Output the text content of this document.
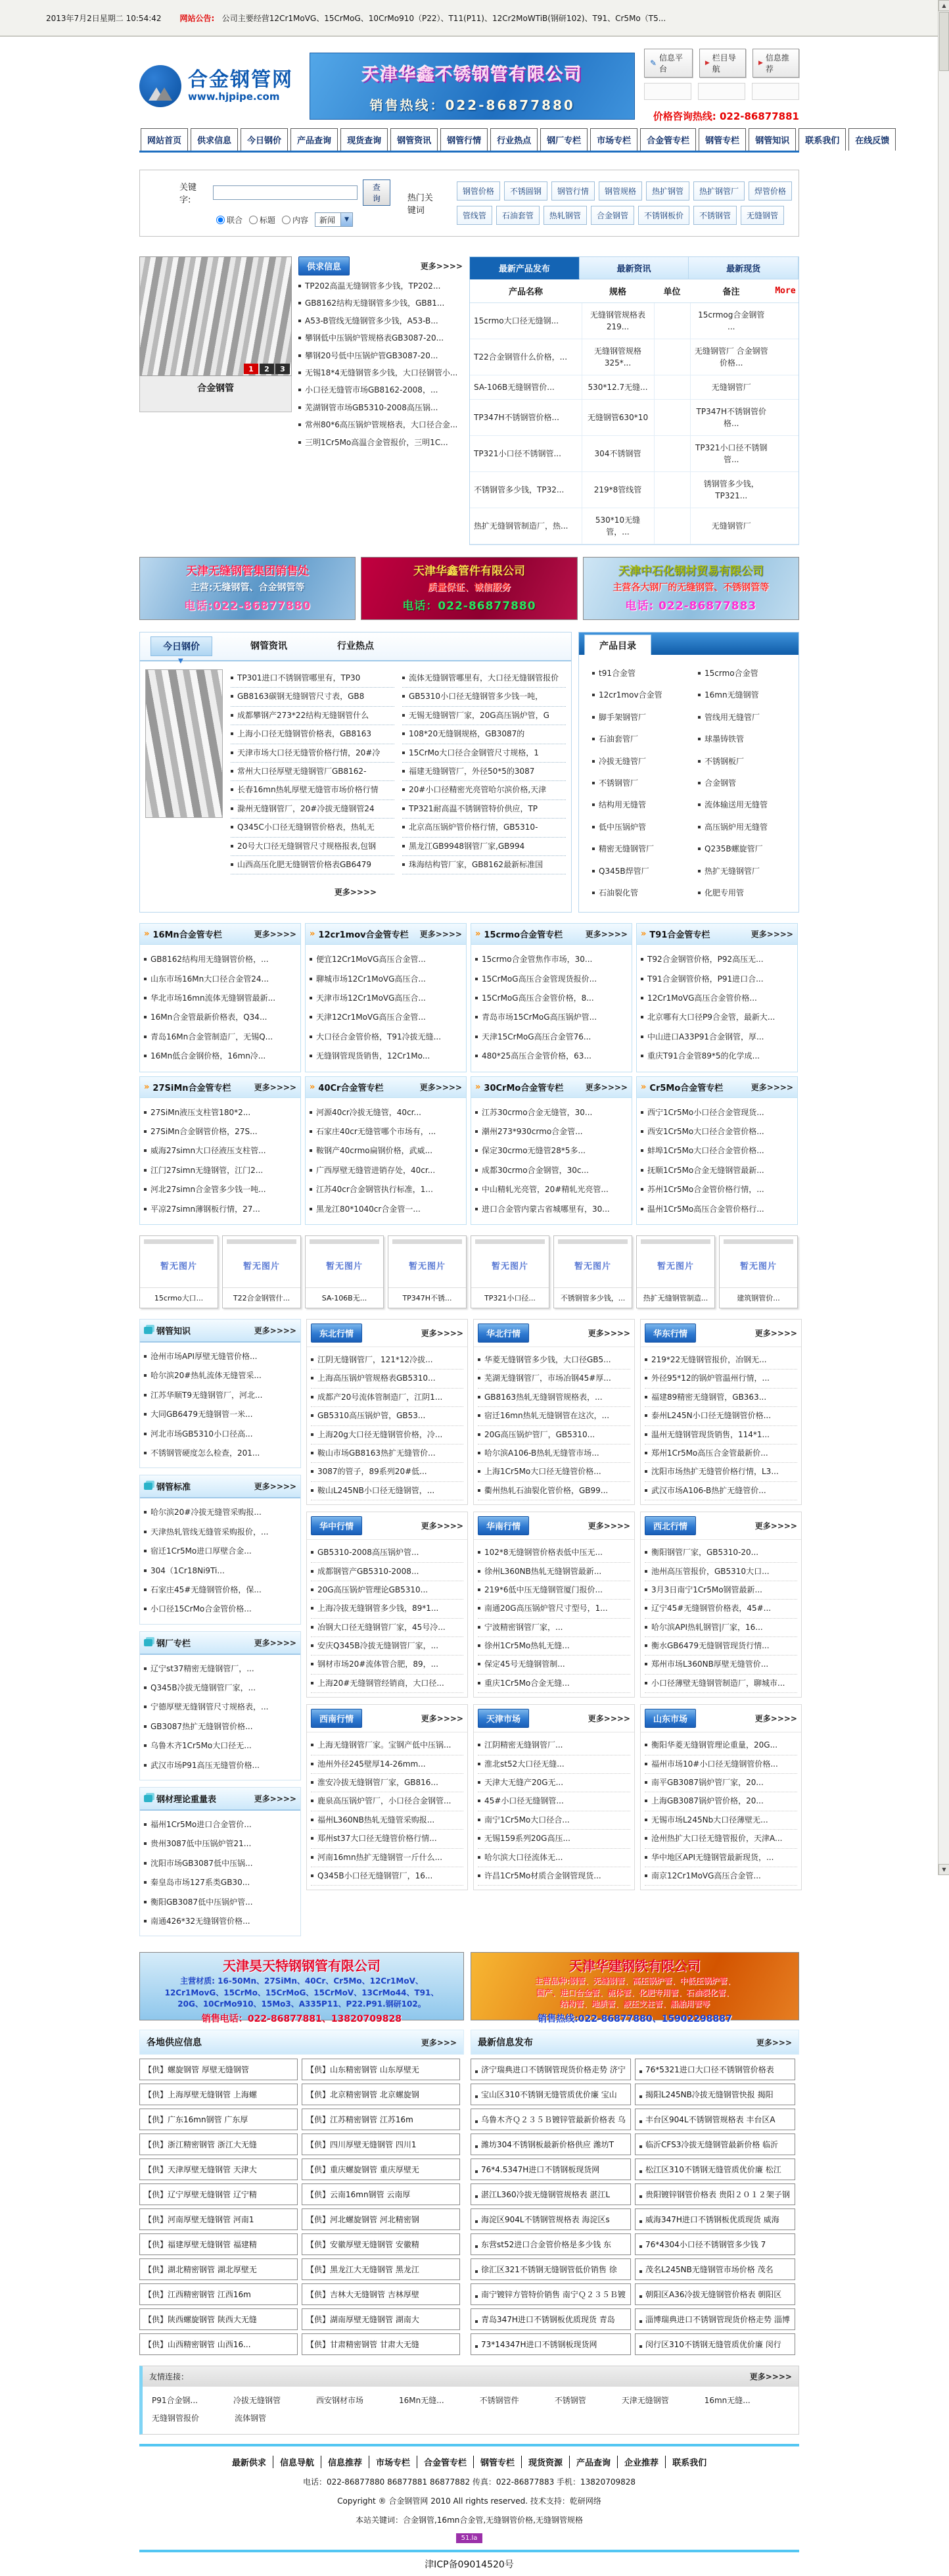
2013年7月2日星期二 10:54:42 网站公告: 公司主要经营12Cr1MoVG、15CrMoG、10CrMo910（P22）、T11(P11)、12Cr2MoWTiB(钢研102)、T91、Cr5Mo（T5...
合金钢管网
www.hjpipe.com
天津华鑫不锈钢管有限公司
销售热线：022-86877880
✎
信息平台
▶
栏目导航
▶
信息推荐
价格咨询热线: 022-86877881
网站首页	供求信息	今日钢价	产品查询	现货查询	钢管资讯	钢管行情	行业热点	钢厂专栏	市场专栏	合金管专栏	钢管专栏	钢管知识	联系我们	在线反馈
关键字:
查询
联合 标题 内容	新闻	▼
热门关键词
钢管价格	不锈圆钢	钢管行情	钢管规格	热扩钢管	热扩钢管厂	焊管价格
管线管	石油套管	热轧钢管	合金钢管	不锈钢板价	不锈钢管	无缝钢管
1	2	3
合金钢管
供求信息	更多>>>>
TP202高温无缝钢管多少钱，TP202...
GB8162结构无缝钢管多少钱，GB81...
A53-B管线无缝钢管多少钱，A53-B...
攀钢低中压锅炉管规格表GB3087-20...
攀钢20号低中压锅炉管GB3087-20...
无锡18*4无缝钢管多少钱，大口径钢管小...
小口径无缝管市场GB8162-2008，...
芜湖钢管市场GB5310-2008高压锅...
常州80*6高压锅炉管规格表，大口径合金...
三明1Cr5Mo高温合金管报价，三明1C...
最新产品发布	最新资讯	最新现货
产品名称	规格	单位	备注	More
15crmo大口径无缝钢...	无缝钢管规格表219...		15crmog合金钢管 ...	
T22合金钢管什么价格，...	无缝钢管规格325*...		无缝钢管厂 合金钢管价格...	
SA-106B无缝钢管价...	530*12.7无缝...		无缝钢管厂	
TP347H不锈钢管价格...	无缝钢管630*10		TP347H不锈钢管价格...	
TP321小口径不锈钢管...	304不锈钢管		TP321小口径不锈钢管...	
不锈钢管多少钱，TP32...	219*8管线管		锈钢管多少钱，TP321...	
热扩无缝钢管制造厂，热...	530*10无缝管，...		无缝钢管厂	
天津无缝钢管集团销售处
主营:无缝钢管、合金钢管等
电话:022-86877880
天津华鑫管件有限公司
质量保证、诚信服务
电话：022-86877880
天津中石化钢材贸易有限公司
主营各大钢厂的无缝钢管、不锈钢管等
电话: 022-86877883
今日钢价
▼
钢管资讯	行业热点
TP301进口不锈钢管哪里有，TP30
GB8163碳钢无缝钢管尺寸表，GB8
成都攀钢产273*22结构无缝钢管什么
上海小口径无缝钢管价格表，GB8163
天津市场大口径无缝管价格行情，20#冷
常州大口径厚壁无缝钢管厂GB8162-
长春16mn热轧厚壁无缝管市场价格行情
滁州无缝钢管厂，20#冷拔无缝钢管24
Q345C小口径无缝钢管价格表，热轧无
20号大口径无缝钢管尺寸规格报表,包钢
山西高压化肥无缝钢管价格表GB6479
流体无缝钢管哪里有，大口径无缝钢管报价
GB5310小口径无缝钢管多少钱一吨，
无锡无缝钢管厂家，20G高压锅炉管，G
108*20无缝钢规格，GB3087的
15CrMo大口径合金钢管尺寸规格，1
福建无缝钢管厂，外径50*5的3087
20#小口径精密光亮管哈尔滨价格,天津
TP321耐高温不锈钢管特价供应，TP
北京高压锅炉管价格行情，GB5310-
黑龙江GB9948钢管厂家,GB994
珠海结构管厂家，GB8162最新标准国
更多>>>>
产品目录
t91合金管
12cr1mov合金管
脚手架钢管厂
石油套管厂
冷拔无缝管厂
不锈钢管厂
结构用无缝管
低中压锅炉管
精密无缝钢管厂
Q345B焊管厂
石油裂化管
15crmo合金管
16mn无缝钢管
管线用无缝管厂
球墨铸铁管
不锈钢板厂
合金钢管
流体输送用无缝管
高压锅炉用无缝管
Q235B螺旋管厂
热扩无缝钢管厂
化肥专用管
» 16Mn合金管专栏	更多>>>>
GB8162结构用无缝钢管价格，...
山东市场16Mn大口径合金管24...
华北市场16mn流体无缝钢管最新...
16Mn合金管最新价格表，Q34...
青岛16Mn合金管制造厂，无锡Q...
16Mn低合金钢价格，16mn冷...
» 12cr1mov合金管专栏	更多>>>>
便宜12Cr1MoVG高压合金管...
聊城市场12Cr1MoVG高压合...
天津市场12Cr1MoVG高压合...
天津12Cr1MoVG高压合金管...
大口径合金管价格，T91冷拔无缝...
无缝钢管现货销售，12Cr1Mo...
» 15crmo合金管专栏	更多>>>>
15crmo合金管焦作市场，30...
15CrMoG高压合金管现货报价...
15CrMoG高压合金管价格，8...
青岛市场15CrMoG高压锅炉管...
天津15CrMoG高压合金管76...
480*25高压合金管价格，63...
» T91合金管专栏	更多>>>>
T92合金钢管价格，P92高压无...
T91合金钢管价格，P91进口合...
12Cr1MoVG高压合金管价格...
北京哪有大口径P9合金管，最新大...
中山进口A33P91合金钢管，厚...
重庆T91合金管89*5的化学成...
» 27SiMn合金管专栏	更多>>>>
27SiMn液压支柱管180*2...
27SiMn合金钢管价格，27S...
威海27simn大口径液压支柱管...
江门27simn无缝钢管，江门2...
河北27simn合金管多少钱一吨...
平凉27simn薄钢板行情，27...
» 40Cr合金管专栏	更多>>>>
河源40cr冷拔无缝管，40cr...
石家庄40cr无缝管哪个市场有，...
鞍钢产40crmo扁钢价格，武威...
广西厚壁无缝管进销存处，40cr...
江苏40cr合金钢管执行标准，1...
黑龙江80*1040cr合金管一...
» 30CrMo合金管专栏	更多>>>>
江苏30crmo合金无缝管，30...
潮州273*930crmo合金管...
保定30crmo无缝管28*5多...
成都30crmo合金钢管，30c...
中山精轧光亮管，20#精轧光亮管...
进口合金管内蒙古省城哪里有，30...
» Cr5Mo合金管专栏	更多>>>>
西宁1Cr5Mo小口径合金管现货...
西安1Cr5Mo大口径合金管价格...
蚌埠1Cr5Mo大口径合金管价格...
抚顺1Cr5Mo合金无缝钢管最新...
苏州1Cr5Mo合金管价格行情，...
温州1Cr5Mo高压合金管价格行...
暂无图片
15crmo大口...
暂无图片
T22合金钢管什...
暂无图片
SA-106B无...
暂无图片
TP347H不锈...
暂无图片
TP321小口径...
暂无图片
不锈钢管多少钱，...
暂无图片
热扩无缝钢管制造...
暂无图片
建筑钢管价...
钢管知识	更多>>>>
沧州市场API厚壁无缝管价格...
哈尔滨20#热轧流体无缝管采...
江苏华顺T9无缝钢管厂，河北...
大同GB6479无缝钢管一米...
河北市场GB5310小口径高...
不锈钢管硬度怎么检查，201...
钢管标准	更多>>>>
哈尔滨20#冷拔无缝管采购报...
天津热轧管线无缝管采购报价，...
宿迁1Cr5Mo进口厚壁合金...
304（1Cr18Ni9Ti...
石家庄45#无缝钢管价格，保...
小口径15CrMo合金管价格...
钢厂专栏	更多>>>>
辽宁st37精密无缝钢管厂，...
Q345B冷拔无缝钢管厂家，...
宁德厚壁无缝钢管尺寸规格表，...
GB3087热扩无缝钢管价格...
乌鲁木齐1Cr5Mo大口径无...
武汉市场P91高压无缝管价格...
钢材理论重量表	更多>>>>
福州1Cr5Mo进口合金管价...
贵州3087低中压锅炉管21...
沈阳市场GB3087低中压锅...
秦皇岛市场127系类GB30...
衡阳GB3087低中压锅炉管...
南通426*32无缝钢管价格...
东北行情	更多>>>>
江阴无缝钢管厂，121*12冷拔...
上海高压锅炉管规格表GB5310...
成都产20号流体管制造厂，江阴1...
GB5310高压锅炉管，GB53...
上海20g大口径无缝钢管价格，冷...
鞍山市场GB8163热扩无缝管价...
3087的管子，89系列20#低...
鞍山L245NB小口径无缝钢管，...
华中行情	更多>>>>
GB5310-2008高压锅炉管...
成都钢管产GB5310-2008...
20G高压锅炉管理论GB5310...
上海冷拔无缝钢管多少钱，89*1...
冶钢大口径无缝钢管厂家，45号冷...
安庆Q345B冷拔无缝钢管厂家，...
钢材市场20#流体管合肥，89，...
上海20#无缝钢管经销商，大口径...
西南行情	更多>>>>
上海无缝钢管厂家。宝钢产低中压锅...
池州外径245壁厚14-26mm...
淮安冷拔无缝钢管厂家，GB816...
鹿泉高压锅炉管厂，小口径合金钢管...
福州L360NB热轧无缝管采购报...
郑州st37大口径无缝管价格行情...
河南16mn热扩无缝钢管一斤什么...
Q345B小口径无缝钢管厂，16...
华北行情	更多>>>>
华菱无缝钢管多少钱，大口径GB5...
芜湖无缝钢管厂，市场冶钢45#厚...
GB8163热轧无缝钢管规格表，...
宿迁16mn热轧无缝钢管在这次，...
20G高压锅炉管厂，GB5310...
哈尔滨A106-B热轧无缝管市场...
上海1Cr5Mo大口径无缝管价格...
衢州热轧石油裂化管价格，GB99...
华南行情	更多>>>>
102*8无缝钢管价格表低中压无...
徐州L360NB热轧无缝钢管最新...
219*6低中压无缝钢管厦门报价...
南通20G高压锅炉管尺寸型号，1...
宁波精密钢管厂家，...
徐州1Cr5Mo热轧无缝...
保定45号无缝钢管制...
重庆1Cr5Mo合金无缝...
天津市场	更多>>>>
江阴精密无缝钢管厂...
淮北st52大口径无缝...
天津大无缝产20G无...
45#小口径无缝钢管...
南宁1Cr5Mo大口径合...
无锡159系列20G高压...
哈尔滨大口径流体无...
许昌1Cr5Mo材质合金钢管现货...
华东行情	更多>>>>
219*22无缝钢管报价，冶钢无...
外径95*12的锅炉管温州行情，...
福建89精密无缝钢管，GB363...
泰州L245N小口径无缝钢管价格...
温州无缝钢管现货销售，114*1...
郑州1Cr5Mo高压合金管最新价...
沈阳市场热扩无缝管价格行情，L3...
武汉市场A106-B热扩无缝管价...
西北行情	更多>>>>
衡阳钢管厂家，GB5310-20...
池州高压管报价，GB5310大口...
3月3日南宁1Cr5Mo钢管最新...
辽宁45#无缝钢管价格表，45#...
哈尔滨API热轧钢管|厂家，16...
衡水GB6479无缝钢管现货行情...
郑州市场L360NB厚壁无缝管价...
小口径薄壁无缝钢管制造厂，聊城市...
山东市场	更多>>>>
衡阳华菱无缝钢管理论重量，20G...
福州市场10#小口径无缝钢管价格...
南平GB3087锅炉管厂家，20...
上海GB3087锅炉管价格，20...
无锡市场L245Nb大口径薄壁无...
沧州热扩大口径无缝管报价，天津A...
华中地区API无缝钢管最新现货，...
南京12Cr1MoVG高压合金管...
天津昊天特钢钢管有限公司
主营材质: 16-50Mn、27SiMn、40Cr、Cr5Mo、12Cr1MoV、
12Cr1MovG、15CrMo、15CrMoG、15CrMoV、13CrMo44、T91、
20G、10CrMo910、15Mo3、A335P11、P22.P91.钢研102。
销售电话：022-86877881、13820709828
天津华建钢铁有限公司
主营品种:钢管、无缝钢管、高压锅炉管、中低压锅炉管、
国产、进口合金管、流体管、化肥专用管、石油裂化管、
结构管、地质管、液压支柱管、船舶用管等
销售热线:022-86877880、15902298887
各地供应信息	更多>>>
【供】螺旋钢管 厚壁无缝钢管
【供】上海厚壁无缝钢管 上海螺
【供】广东16mn钢管 广东厚
【供】浙江精密钢管 浙江大无缝
【供】天津厚壁无缝钢管 天津大
【供】辽宁厚壁无缝钢管 辽宁精
【供】河南厚壁无缝钢管 河南1
【供】福建厚壁无缝钢管 福建精
【供】湖北精密钢管 湖北厚壁无
【供】江西精密钢管 江西16m
【供】陕西螺旋钢管 陕西大无缝
【供】山西精密钢管 山西16...
【供】山东精密钢管 山东厚壁无
【供】北京精密钢管 北京螺旋钢
【供】江苏精密钢管 江苏16m
【供】四川厚壁无缝钢管 四川1
【供】重庆螺旋钢管 重庆厚壁无
【供】云南16mn钢管 云南厚
【供】河北螺旋钢管 河北精密钢
【供】安徽厚壁无缝钢管 安徽精
【供】黑龙江大无缝钢管 黑龙江
【供】吉林大无缝钢管 吉林厚壁
【供】湖南厚壁无缝钢管 湖南大
【供】甘肃精密钢管 甘肃大无缝
最新信息发布	更多>>>
济宁瑞典进口不锈钢管现货价格走势 济宁
宝山区310不锈钢无缝管质优价廉 宝山
乌鲁木齐Ｑ２３５Ｂ镀锌管最新价格表 乌
潍坊304不锈钢板最新价格供应 潍坊T
76*4.5347H进口不锈钢板现货网
湛江L360冷拔无缝钢管规格表 湛江L
海淀区904L不锈钢管规格表 海淀区s
东营st52进口合金管价格是多少钱 东
徐汇区321不锈钢无缝钢管低价销售 徐
南宁镀锌方管特价销售 南宁Ｑ２３５Ｂ镀
青岛347H进口不锈钢板优质现货 青岛
73*14347H进口不锈钢板现货网
76*5321进口大口径不锈钢管价格表
揭阳L245NB冷拔无缝钢管快报 揭阳
丰台区904L不锈钢管规格表 丰台区A
临沂CFS3冷拔无缝钢管最新价格 临沂
松江区310不锈钢无缝管质优价廉 松江
贵阳镀锌钢管价格表 贵阳２０１２架子钢
威海347H进口不锈钢板优质现货 威海
76*4304小口径不锈钢管多少钱 7
茂名L245NB无缝钢管市场价格 茂名
朝阳区A36冷拔无缝钢管价格表 朝阳区
淄博瑞典进口不锈钢管现货价格走势 淄博
闵行区310不锈钢无缝管质优价廉 闵行
友情连接：	更多>>>>
P91合金钢...	冷拔无缝钢管	西安钢材市场	16Mn无缝...	不锈钢管件	不锈钢管	天津无缝钢管	16mn无缝...
无缝钢管报价	流体钢管
最新供求	信息导航	信息推荐	市场专栏	合金管专栏	钢管专栏	现货资源	产品查询	企业推荐	联系我们
电话：022-86877880 86877881 86877882 传真：022-86877883 手机：13820709828
Copyright ® 合金钢管网 2010 All rights reserved. 技术支持：乾研网络
本站关键词：合金钢管,16mn合金管,无缝钢管价格,无缝钢管规格
51.la
津ICP备09014520号
▲
▼
